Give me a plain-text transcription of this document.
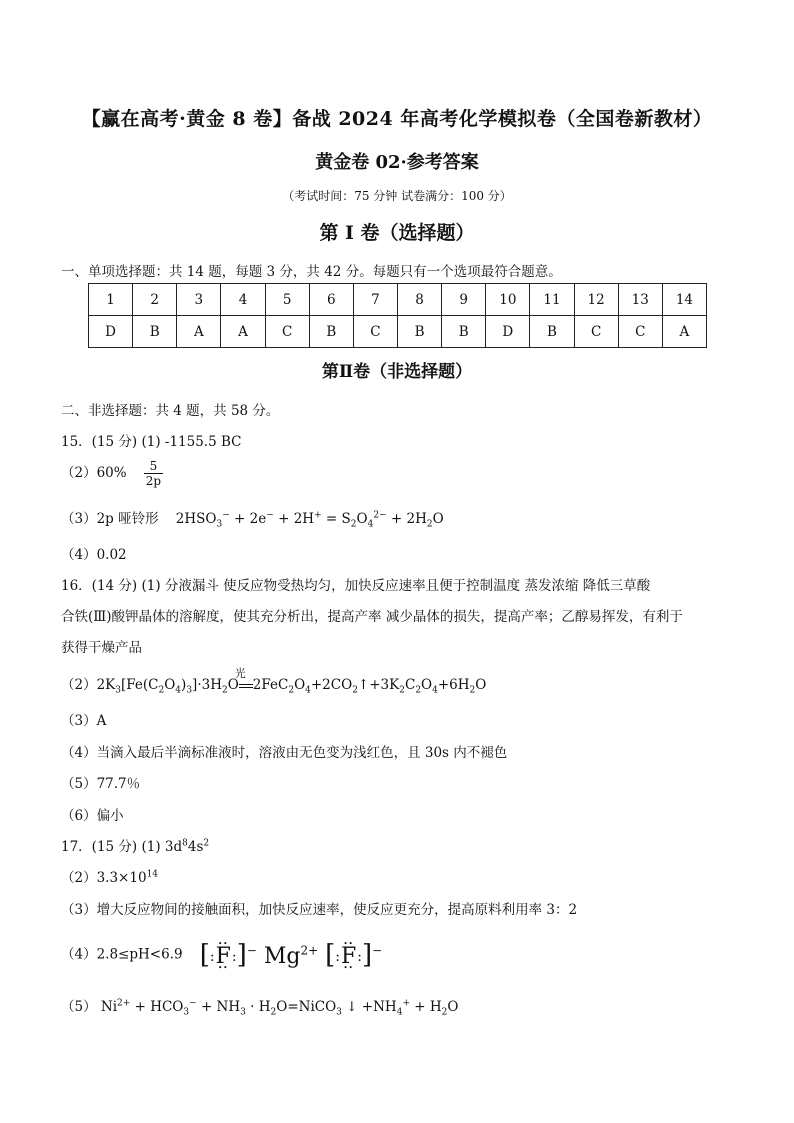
【赢在高考·黄金 8 卷】备战 2024 年高考化学模拟卷（全国卷新教材）
黄金卷 02·参考答案
（考试时间：75 分钟 试卷满分：100 分）
第 I 卷（选择题）
一、单项选择题：共 14 题，每题 3 分，共 42 分。每题只有一个选项最符合题意。
1	2	3	4	5	6	7	8	9	10	11	12	13	14
D	B	A	A	C	B	C	B	B	D	B	C	C	A
第Ⅱ卷（非选择题）
二、非选择题：共 4 题，共 58 分。
15．(15 分) (1) -1155.5 BC
$(2)60\% \frac{5}{2p}$
（3）2p 哑铃形 $2HSO_3^- + 2e^- + 2H^+ = S_2O_4^{2-} + 2H_2O$
（4）0.02
16．(14 分) (1) 分液漏斗 使反应物受热均匀，加快反应速率且便于控制温度 蒸发浓缩 降低三草酸
合铁(Ⅲ)酸钾晶体的溶解度，使其充分析出，提高产率 减少晶体的损失，提高产率；乙醇易挥发，有利于
获得干燥产品
$(2)2K_3[Fe(C_2O_4)_3]\cdot 3H_2O$
光
$2FeC_2O_4+2CO_2↑+3K_2C_2O_4+6H_2O$
（3）A
（4）当滴入最后半滴标准液时，溶液由无色变为浅红色，且 30s 内不褪色
（5）77.7％
（6）偏小
17．(15 分) (1) $3d^84s^2$
$(2)3.3\times 10^{14}$
（3）增大反应物间的接触面积，加快反应速率，使反应更充分，提高原料利用率 3：2
（4）2.8≤pH<6.9 [:•• F ••:]− $Mg^{2+}$ [:•• F ••:]−
（5） $Ni^{2+} + HCO_3^- + NH_3$ · $H_2O=NiCO_3$ ↓ $+NH_4^+ + H_2O$
